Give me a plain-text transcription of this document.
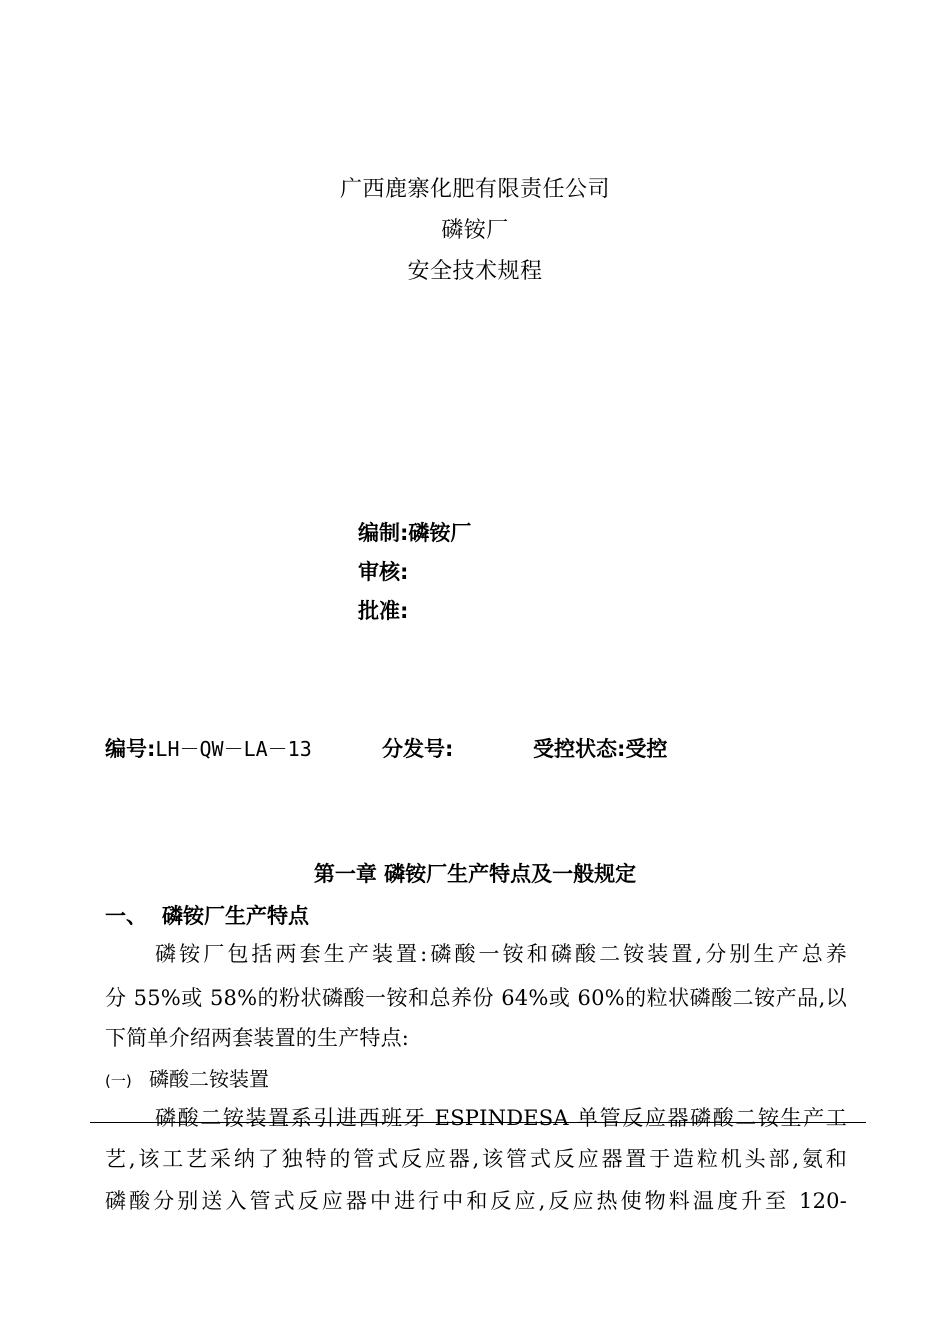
广西鹿寨化肥有限责任公司
磷铵厂
安全技术规程
编制:磷铵厂
审核:
批准:
编号:LH－QW－LA－13	分发号:	受控状态:受控
第一章 磷铵厂生产特点及一般规定
一、 磷铵厂生产特点
磷铵厂包括两套生产装置:磷酸一铵和磷酸二铵装置,分别生产总养
分 55%或 58%的粉状磷酸一铵和总养份 64%或 60%的粒状磷酸二铵产品,以
下简单介绍两套装置的生产特点:
(一) 磷酸二铵装置
磷酸二铵装置系引进西班牙 ESPINDESA 单管反应器磷酸二铵生产工
艺,该工艺采纳了独特的管式反应器,该管式反应器置于造粒机头部,氨和
磷酸分别送入管式反应器中进行中和反应,反应热使物料温度升至 120-
